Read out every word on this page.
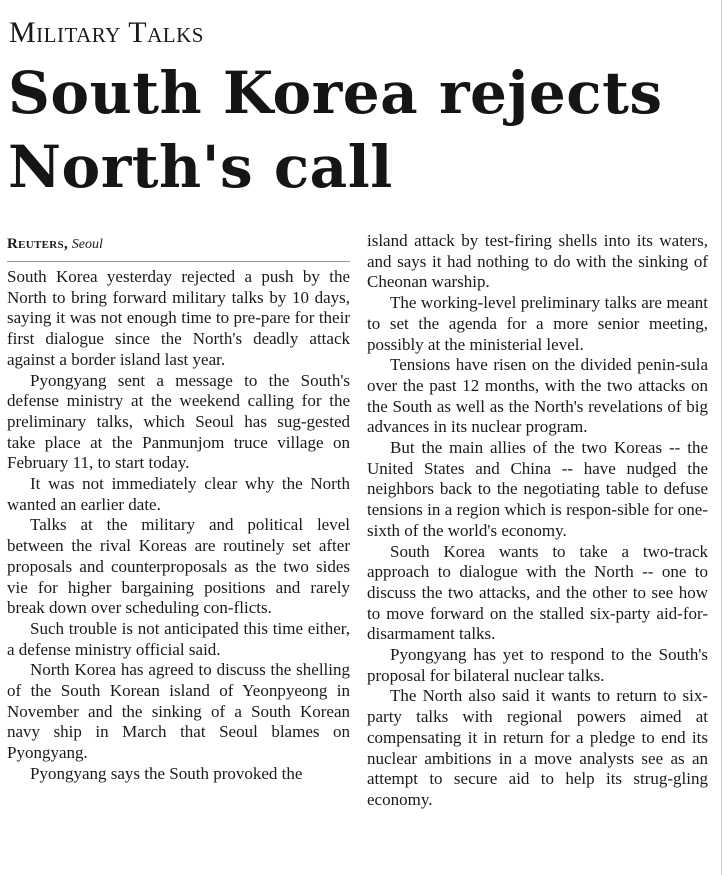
Military Talks
South Korea rejects North's call
Reuters, Seoul

South Korea yesterday rejected a push by the North to bring forward military talks by 10 days, saying it was not enough time to pre-pare for their first dialogue since the North's deadly attack against a border island last year.

Pyongyang sent a message to the South's defense ministry at the weekend calling for the preliminary talks, which Seoul has sug-gested take place at the Panmunjom truce village on February 11, to start today.

It was not immediately clear why the North wanted an earlier date.

Talks at the military and political level between the rival Koreas are routinely set after proposals and counterproposals as the two sides vie for higher bargaining positions and rarely break down over scheduling con-flicts.

Such trouble is not anticipated this time either, a defense ministry official said.

North Korea has agreed to discuss the shelling of the South Korean island of Yeonpyeong in November and the sinking of a South Korean navy ship in March that Seoul blames on Pyongyang.

Pyongyang says the South provoked the

island attack by test-firing shells into its waters, and says it had nothing to do with the sinking of Cheonan warship.

The working-level preliminary talks are meant to set the agenda for a more senior meeting, possibly at the ministerial level.

Tensions have risen on the divided penin-sula over the past 12 months, with the two attacks on the South as well as the North's revelations of big advances in its nuclear program.

But the main allies of the two Koreas -- the United States and China -- have nudged the neighbors back to the negotiating table to defuse tensions in a region which is respon-sible for one-sixth of the world's economy.

South Korea wants to take a two-track approach to dialogue with the North -- one to discuss the two attacks, and the other to see how to move forward on the stalled six-party aid-for-disarmament talks.

Pyongyang has yet to respond to the South's proposal for bilateral nuclear talks.

The North also said it wants to return to six-party talks with regional powers aimed at compensating it in return for a pledge to end its nuclear ambitions in a move analysts see as an attempt to secure aid to help its strug-gling economy.
